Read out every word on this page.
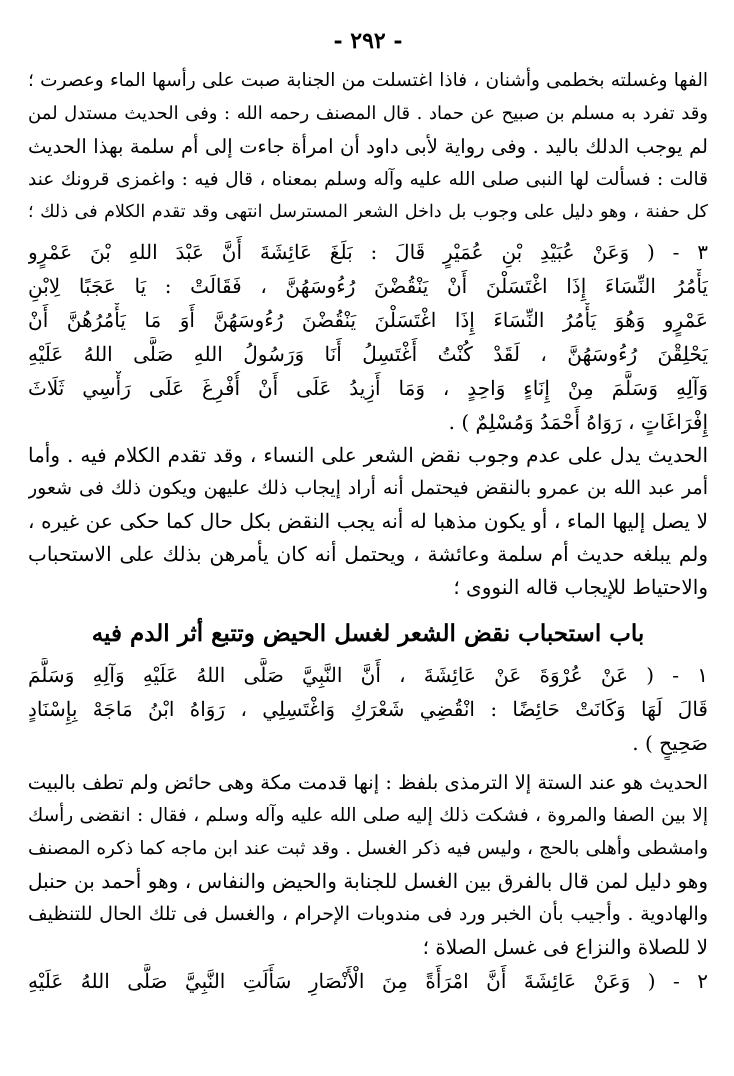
- ٢٩٢ -
الفها وغسلته بخطمى وأشنان ، فاذا اغتسلت من الجنابة صبت على رأسها الماء وعصرت ؛
وقد تفرد به مسلم بن صبيح عن حماد . قال المصنف رحمه الله : وفى الحديث مستدل لمن
لم يوجب الدلك باليد . وفى رواية لأبى داود أن امرأة جاءت إلى أم سلمة بهذا الحديث
قالت : فسألت لها النبى صلى الله عليه وآله وسلم بمعناه ، قال فيه : واغمزى قرونك عند
كل حفنة ، وهو دليل على وجوب بل داخل الشعر المسترسل انتهى وقد تقدم الكلام فى ذلك ؛
٣ - ( وَعَنْ عُبَيْدِ بْنِ عُمَيْرٍ قَالَ : بَلَغَ عَائِشَةَ أَنَّ عَبْدَ اللهِ بْنَ عَمْرٍو
يَأْمُرُ النِّسَاءَ إِذَا اغْتَسَلْنَ أَنْ يَنْقُضْنَ رُءُوسَهُنَّ ، فَقَالَتْ : يَا عَجَبًا لِابْنِ
عَمْرٍو وَهُوَ يَأْمُرُ النِّسَاءَ إِذَا اغْتَسَلْنَ يَنْقُضْنَ رُءُوسَهُنَّ أَوَ مَا يَأْمُرُهُنَّ أَنْ
يَحْلِقْنَ رُءُوسَهُنَّ ، لَقَدْ كُنْتُ أَغْتَسِلُ أَنَا وَرَسُولُ اللهِ صَلَّى اللهُ عَلَيْهِ
وَآلِهِ وَسَلَّمَ مِنْ إِنَاءٍ وَاحِدٍ ، وَمَا أَزِيدُ عَلَى أَنْ أُفْرِغَ عَلَى رَأْسِي ثَلَاثَ
إِفْرَاغَاتٍ ، رَوَاهُ أَحْمَدُ وَمُسْلِمٌ ) .
الحديث يدل على عدم وجوب نقض الشعر على النساء ، وقد تقدم الكلام فيه . وأما
أمر عبد الله بن عمرو بالنقض فيحتمل أنه أراد إيجاب ذلك عليهن ويكون ذلك فى شعور
لا يصل إليها الماء ، أو يكون مذهبا له أنه يجب النقض بكل حال كما حكى عن غيره ،
ولم يبلغه حديث أم سلمة وعائشة ، ويحتمل أنه كان يأمرهن بذلك على الاستحباب
والاحتياط للإيجاب قاله النووى ؛
باب استحباب نقض الشعر لغسل الحيض وتتبع أثر الدم فيه
١ - ( عَنْ عُرْوَةَ عَنْ عَائِشَةَ ، أَنَّ النَّبِيَّ صَلَّى اللهُ عَلَيْهِ وَآلِهِ وَسَلَّمَ
قَالَ لَهَا وَكَانَتْ حَائِضًا : انْقُضِي شَعْرَكِ وَاغْتَسِلِي ، رَوَاهُ ابْنُ مَاجَهْ بِإِسْنَادٍ
صَحِيحٍ ) .
الحديث هو عند الستة إلا الترمذى بلفظ : إنها قدمت مكة وهى حائض ولم تطف بالبيت
إلا بين الصفا والمروة ، فشكت ذلك إليه صلى الله عليه وآله وسلم ، فقال : انقضى رأسك
وامشطى وأهلى بالحج ، وليس فيه ذكر الغسل . وقد ثبت عند ابن ماجه كما ذكره المصنف
وهو دليل لمن قال بالفرق بين الغسل للجنابة والحيض والنفاس ، وهو أحمد بن حنبل
والهادوية . وأجيب بأن الخبر ورد فى مندوبات الإحرام ، والغسل فى تلك الحال للتنظيف
لا للصلاة والنزاع فى غسل الصلاة ؛
٢ - ( وَعَنْ عَائِشَةَ أَنَّ امْرَأَةً مِنَ الْأَنْصَارِ سَأَلَتِ النَّبِيَّ صَلَّى اللهُ عَلَيْهِ
